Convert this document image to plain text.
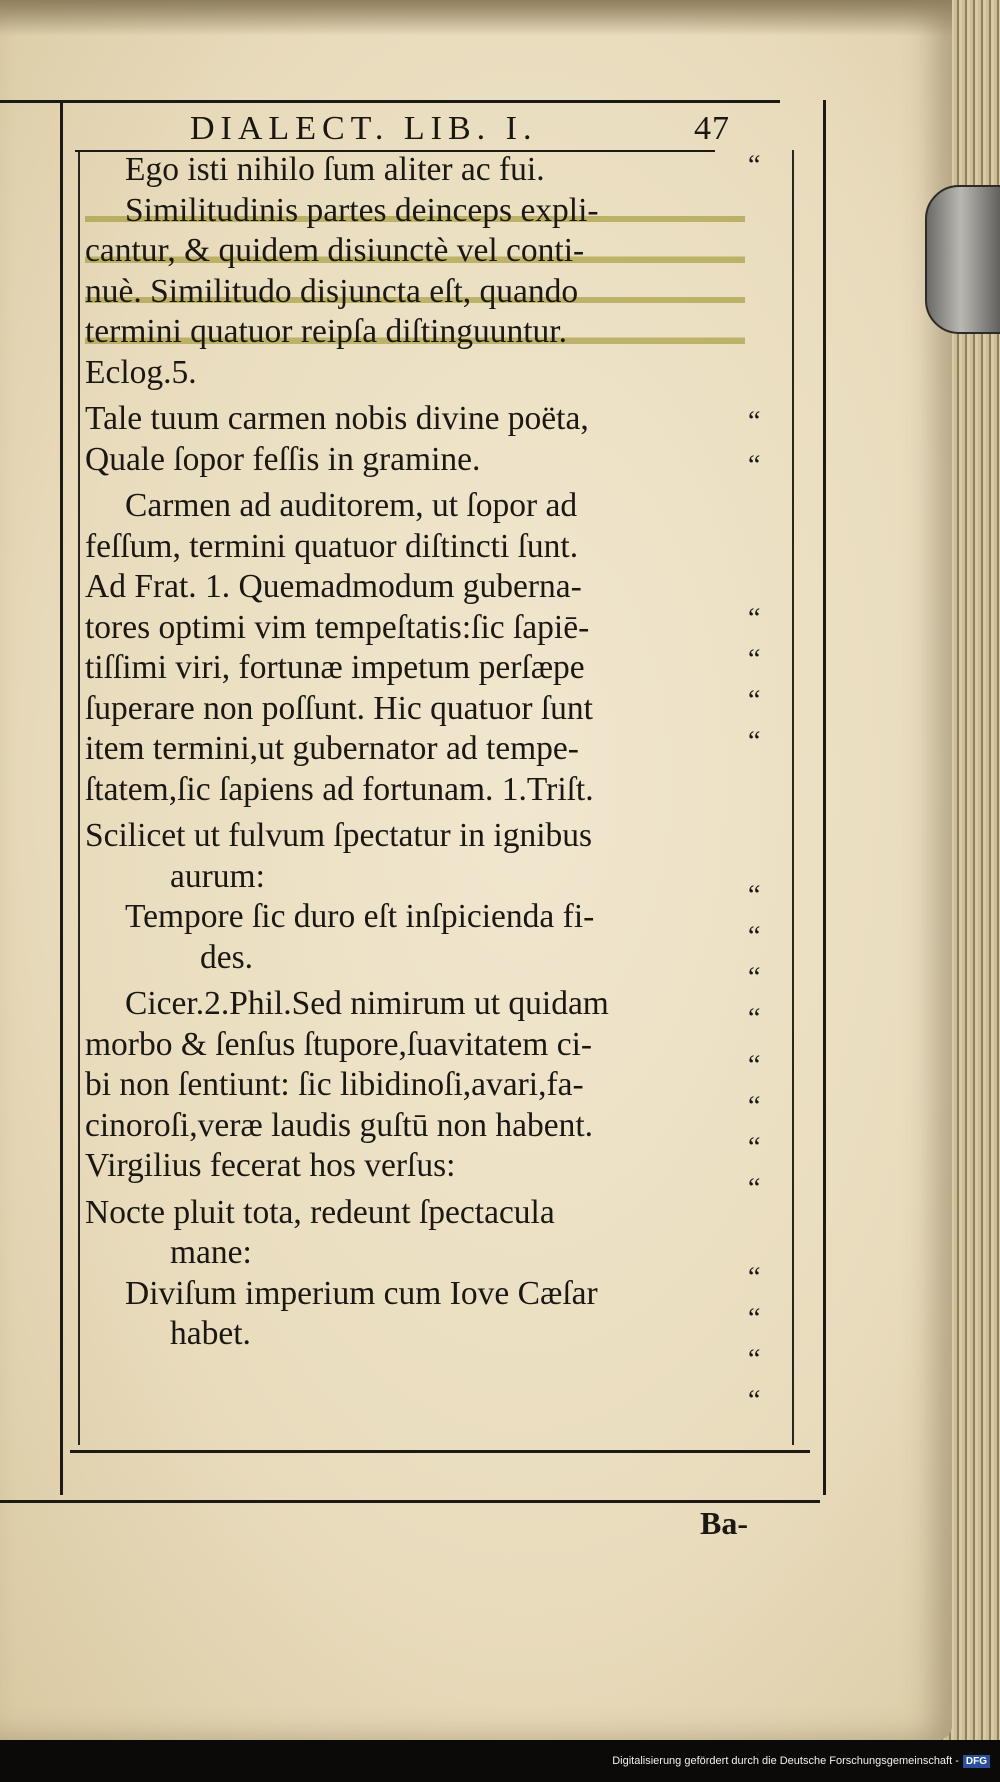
DIALECT. LIB. I.	47
Ego isti nihilo ſum aliter ac fui.
Similitudinis partes deinceps expli-
cantur, & quidem disiunctè vel conti-
nuè. Similitudo disjuncta eſt, quando
termini quatuor reipſa diſtinguuntur.
Eclog.5.
Tale tuum carmen nobis divine poëta,
Quale ſopor feſſis in gramine.
Carmen ad auditorem, ut ſopor ad
feſſum, termini quatuor diſtincti ſunt.
Ad Frat. 1. Quemadmodum guberna-
tores optimi vim tempeſtatis:ſic ſapiē-
tiſſimi viri, fortunæ impetum perſæpe
ſuperare non poſſunt. Hic quatuor ſunt
item termini,ut gubernator ad tempe-
ſtatem,ſic ſapiens ad fortunam. 1.Triſt.
Scilicet ut fulvum ſpectatur in ignibus
aurum:
Tempore ſic duro eſt inſpicienda fi-
des.
Cicer.2.Phil.Sed nimirum ut quidam
morbo & ſenſus ſtupore,ſuavitatem ci-
bi non ſentiunt: ſic libidinoſi,avari,fa-
cinoroſi,veræ laudis guſtū non habent.
Virgilius fecerat hos verſus:
Nocte pluit tota, redeunt ſpectacula
mane:
Diviſum imperium cum Iove Cæſar
habet.
“
“
“
“
“
“
“
“
“
“
“
“
“
“
“
“
“
“
“
Ba-
Digitalisierung gefördert durch die Deutsche Forschungsgemeinschaft - DFG
